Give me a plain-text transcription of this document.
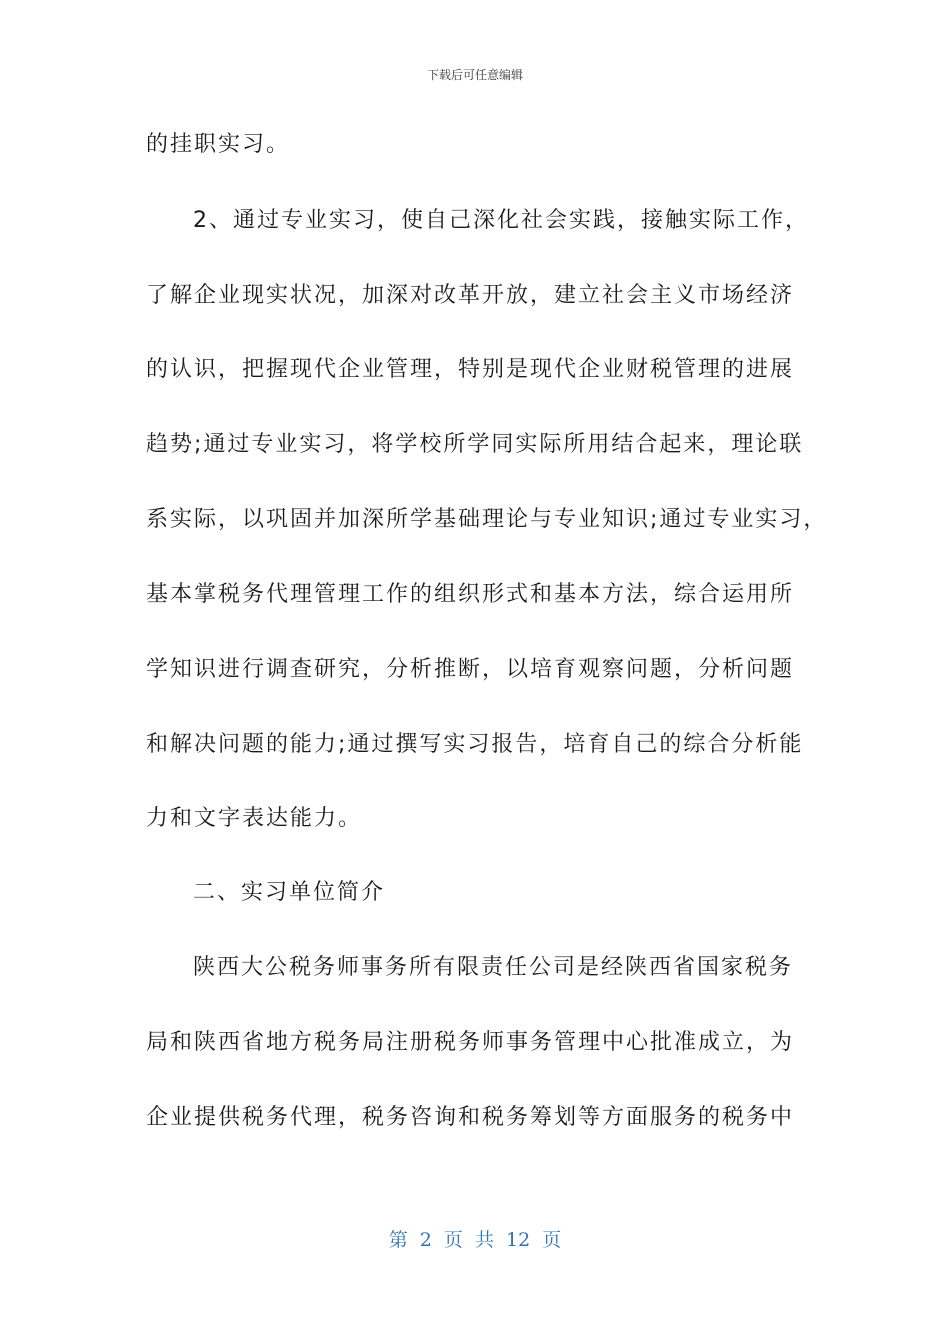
下载后可任意编辑
的挂职实习。
2、通过专业实习，使自己深化社会实践，接触实际工作，
了解企业现实状况，加深对改革开放，建立社会主义市场经济
的认识，把握现代企业管理，特别是现代企业财税管理的进展
趋势;通过专业实习，将学校所学同实际所用结合起来，理论联
系实际，以巩固并加深所学基础理论与专业知识;通过专业实习，
基本掌税务代理管理工作的组织形式和基本方法，综合运用所
学知识进行调查研究，分析推断，以培育观察问题，分析问题
和解决问题的能力;通过撰写实习报告，培育自己的综合分析能
力和文字表达能力。
二、实习单位简介
陕西大公税务师事务所有限责任公司是经陕西省国家税务
局和陕西省地方税务局注册税务师事务管理中心批准成立，为
企业提供税务代理，税务咨询和税务筹划等方面服务的税务中
第 2 页 共 12 页
